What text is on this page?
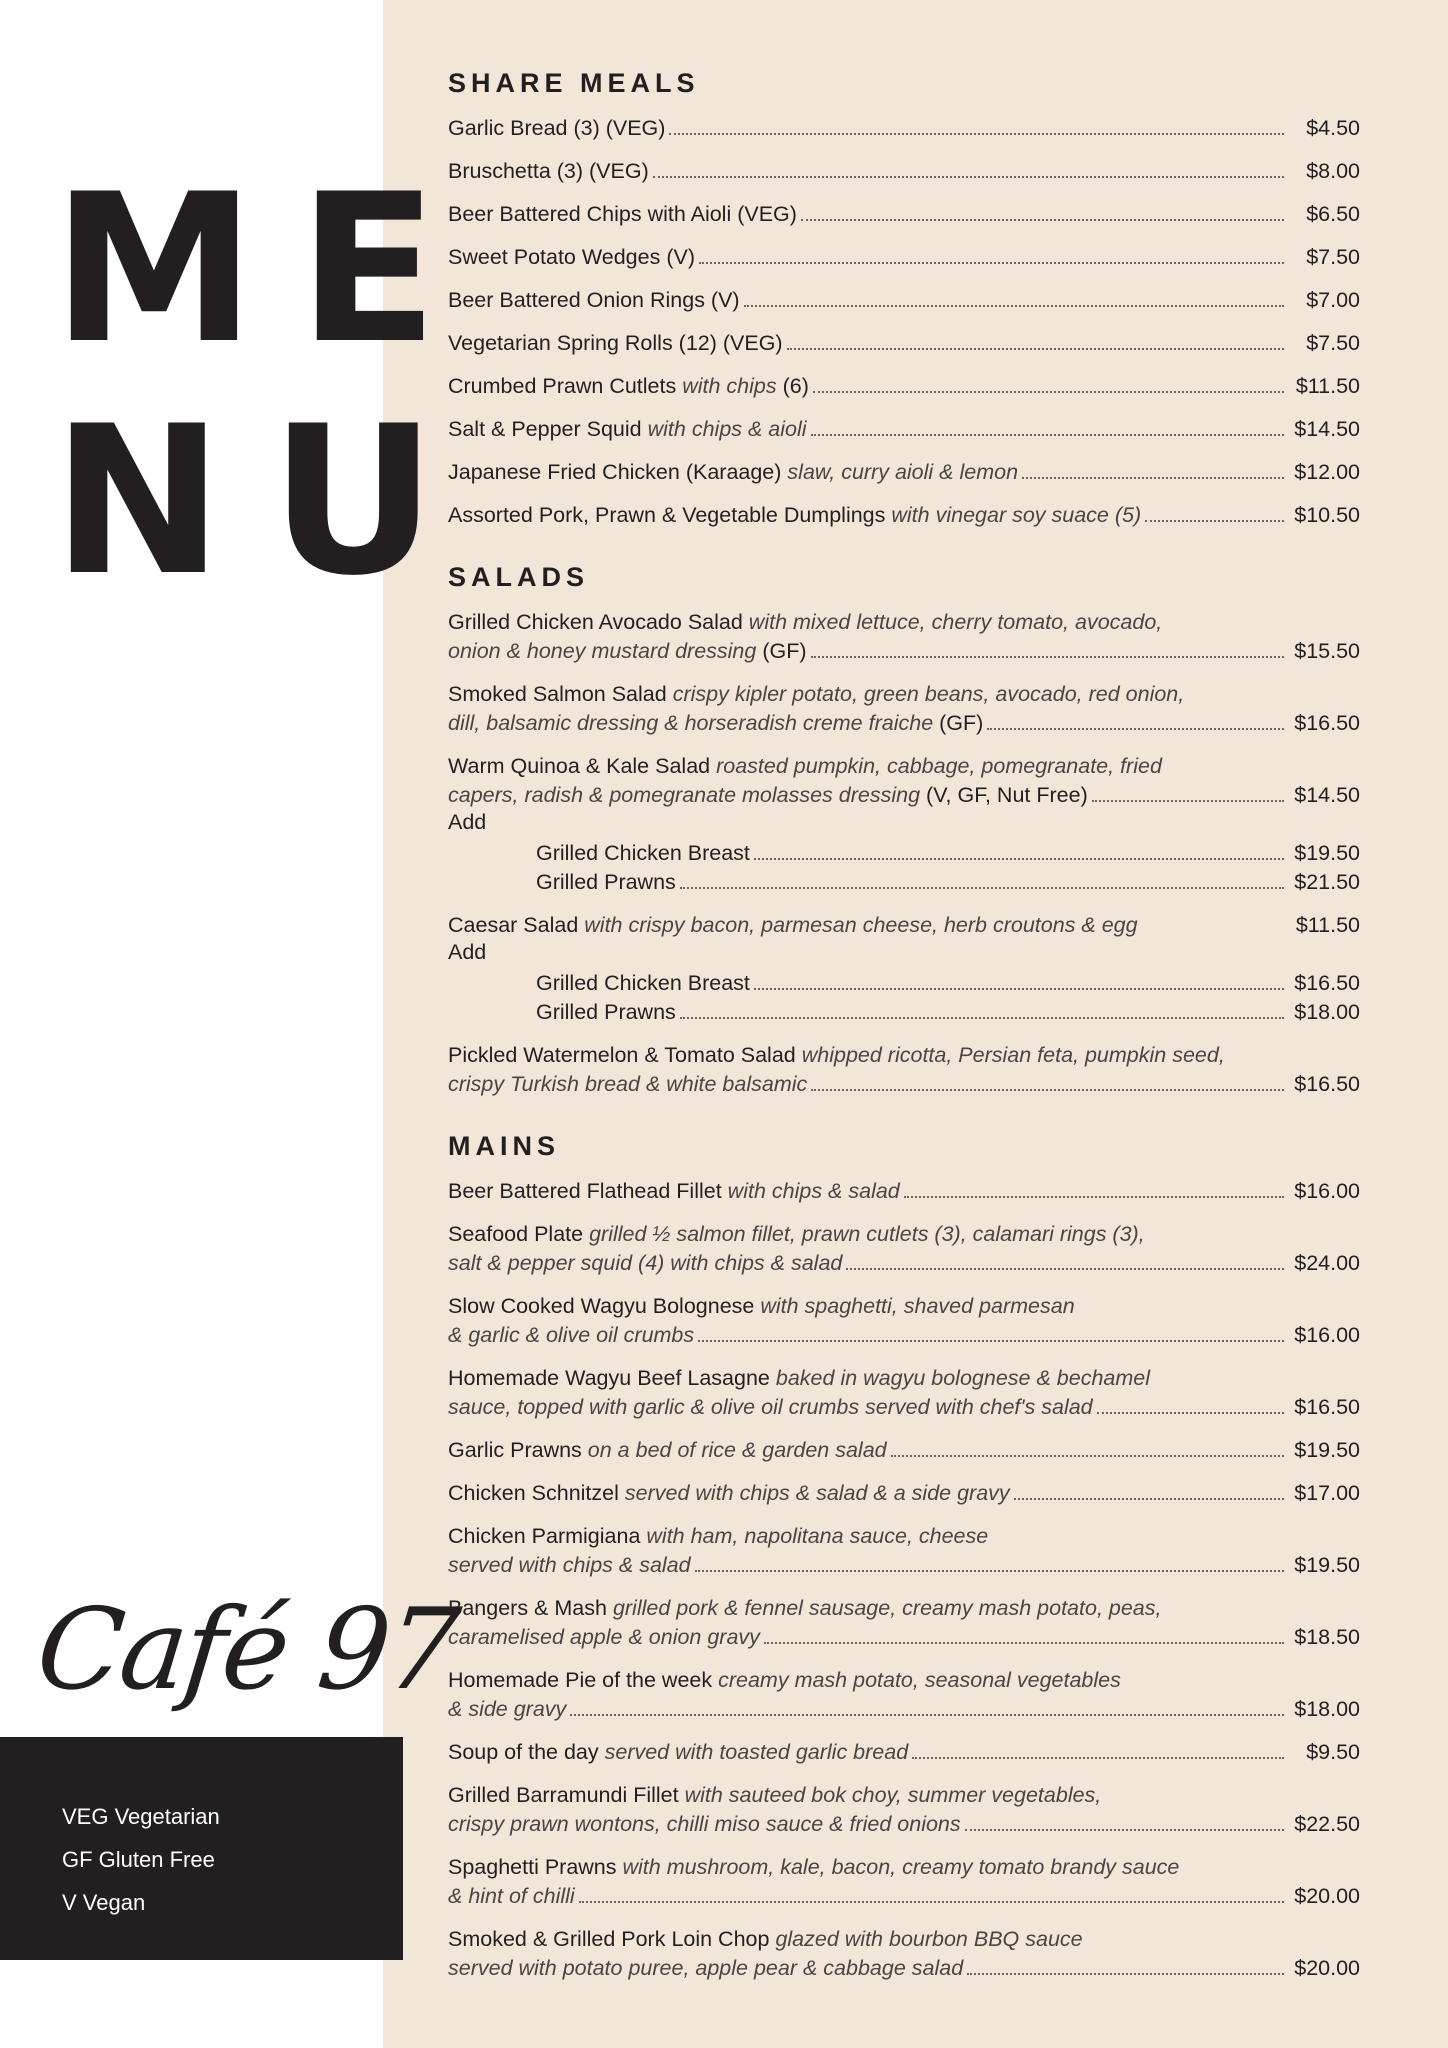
M E
N U
Café 97
VEG Vegetarian
GF Gluten Free
V Vegan
SHARE MEALS
Garlic Bread (3) (VEG)	$4.50
Bruschetta (3) (VEG)	$8.00
Beer Battered Chips with Aioli (VEG)	$6.50
Sweet Potato Wedges (V)	$7.50
Beer Battered Onion Rings (V)	$7.00
Vegetarian Spring Rolls (12) (VEG)	$7.50
Crumbed Prawn Cutlets with chips (6)	$11.50
Salt & Pepper Squid with chips & aioli	$14.50
Japanese Fried Chicken (Karaage) slaw, curry aioli & lemon	$12.00
Assorted Pork, Prawn & Vegetable Dumplings with vinegar soy suace (5)	$10.50
SALADS
Grilled Chicken Avocado Salad with mixed lettuce, cherry tomato, avocado,
onion & honey mustard dressing (GF)	$15.50
Smoked Salmon Salad crispy kipler potato, green beans, avocado, red onion,
dill, balsamic dressing & horseradish creme fraiche (GF)	$16.50
Warm Quinoa & Kale Salad roasted pumpkin, cabbage, pomegranate, fried
capers, radish & pomegranate molasses dressing (V, GF, Nut Free)	$14.50
Add
Grilled Chicken Breast	$19.50
Grilled Prawns	$21.50
Caesar Salad with crispy bacon, parmesan cheese, herb croutons & egg	$11.50
Add
Grilled Chicken Breast	$16.50
Grilled Prawns	$18.00
Pickled Watermelon & Tomato Salad whipped ricotta, Persian feta, pumpkin seed,
crispy Turkish bread & white balsamic	$16.50
MAINS
Beer Battered Flathead Fillet with chips & salad	$16.00
Seafood Plate grilled ½ salmon fillet, prawn cutlets (3), calamari rings (3),
salt & pepper squid (4) with chips & salad	$24.00
Slow Cooked Wagyu Bolognese with spaghetti, shaved parmesan
& garlic & olive oil crumbs	$16.00
Homemade Wagyu Beef Lasagne baked in wagyu bolognese & bechamel
sauce, topped with garlic & olive oil crumbs served with chef's salad	$16.50
Garlic Prawns on a bed of rice & garden salad	$19.50
Chicken Schnitzel served with chips & salad & a side gravy	$17.00
Chicken Parmigiana with ham, napolitana sauce, cheese
served with chips & salad	$19.50
Bangers & Mash grilled pork & fennel sausage, creamy mash potato, peas,
caramelised apple & onion gravy	$18.50
Homemade Pie of the week creamy mash potato, seasonal vegetables
& side gravy	$18.00
Soup of the day served with toasted garlic bread	$9.50
Grilled Barramundi Fillet with sauteed bok choy, summer vegetables,
crispy prawn wontons, chilli miso sauce & fried onions	$22.50
Spaghetti Prawns with mushroom, kale, bacon, creamy tomato brandy sauce
& hint of chilli	$20.00
Smoked & Grilled Pork Loin Chop glazed with bourbon BBQ sauce
served with potato puree, apple pear & cabbage salad	$20.00
